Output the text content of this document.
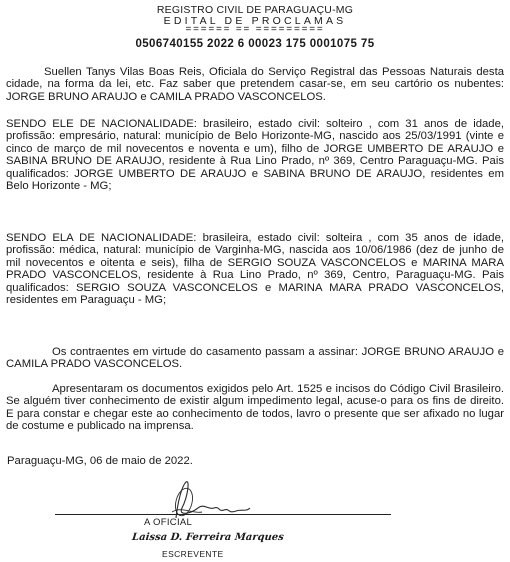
REGISTRO CIVIL DE PARAGUAÇU-MG
EDITAL DE PROCLAMAS
====== == =========
0506740155 2022 6 00023 175 0001075 75

Suellen Tanys Vilas Boas Reis, Oficiala do Serviço Registral das Pessoas Naturais desta cidade, na forma da lei, etc. Faz saber que pretendem casar-se, em seu cartório os nubentes: JORGE BRUNO ARAUJO e CAMILA PRADO VASCONCELOS.

SENDO ELE DE NACIONALIDADE: brasileiro, estado civil: solteiro , com 31 anos de idade, profissão: empresário, natural: município de Belo Horizonte-MG, nascido aos 25/03/1991 (vinte e cinco de março de mil novecentos e noventa e um), filho de JORGE UMBERTO DE ARAUJO e SABINA BRUNO DE ARAUJO, residente à Rua Lino Prado, nº 369, Centro Paraguaçu-MG. Pais qualificados: JORGE UMBERTO DE ARAUJO e SABINA BRUNO DE ARAUJO, residentes em Belo Horizonte - MG;

SENDO ELA DE NACIONALIDADE: brasileira, estado civil: solteira , com 35 anos de idade, profissão: médica, natural: município de Varginha-MG, nascida aos 10/06/1986 (dez de junho de mil novecentos e oitenta e seis), filha de SERGIO SOUZA VASCONCELOS e MARINA MARA PRADO VASCONCELOS, residente à Rua Lino Prado, nº 369, Centro, Paraguaçu-MG. Pais qualificados: SERGIO SOUZA VASCONCELOS e MARINA MARA PRADO VASCONCELOS, residentes em Paraguaçu - MG;

Os contraentes em virtude do casamento passam a assinar: JORGE BRUNO ARAUJO e CAMILA PRADO VASCONCELOS.

Apresentaram os documentos exigidos pelo Art. 1525 e incisos do Código Civil Brasileiro. Se alguém tiver conhecimento de existir algum impedimento legal, acuse-o para os fins de direito. E para constar e chegar este ao conhecimento de todos, lavro o presente que ser afixado no lugar de costume e publicado na imprensa.

Paraguaçu-MG, 06 de maio de 2022.

A OFICIAL
Laissa D. Ferreira Marques
ESCREVENTE
